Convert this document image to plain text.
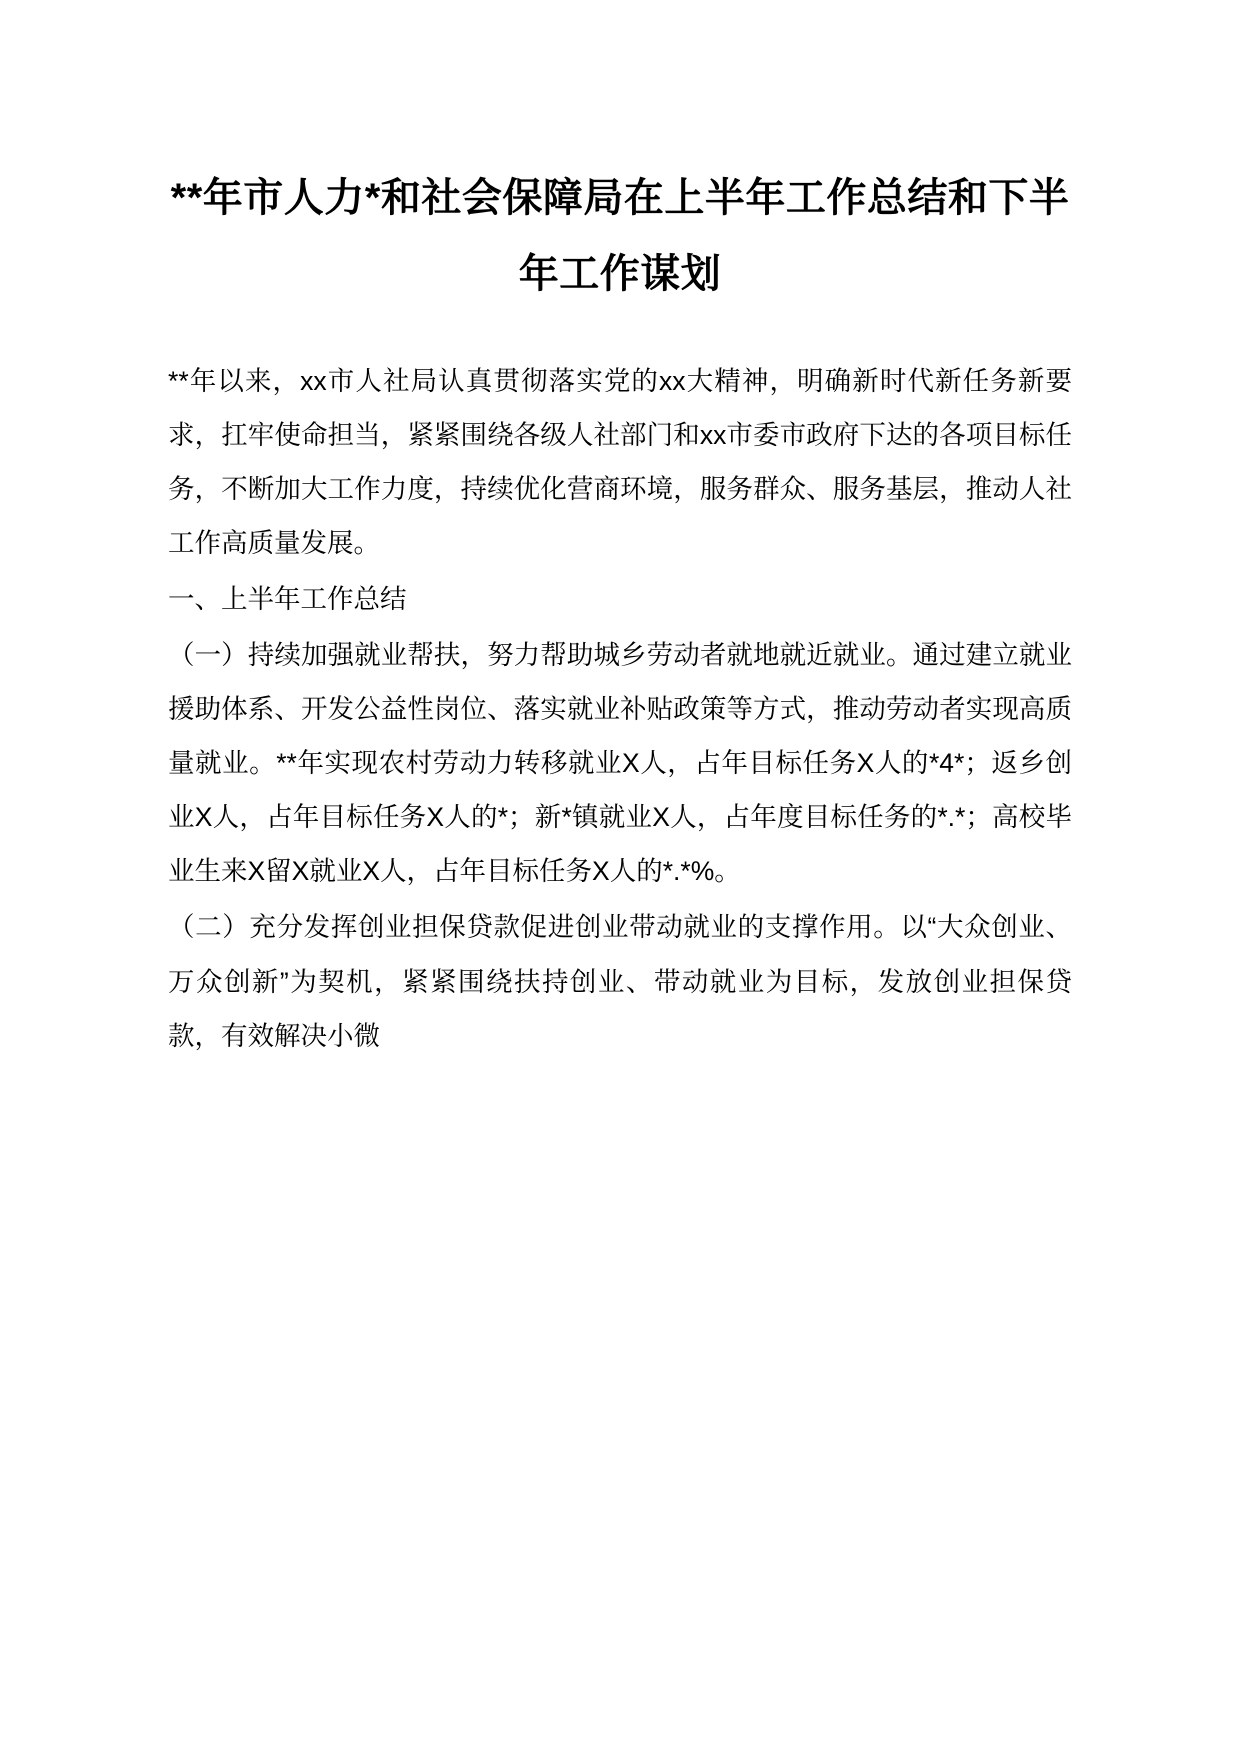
**年市人力*和社会保障局在上半年工作总结和下半年工作谋划

**年以来，xx市人社局认真贯彻落实党的xx大精神，明确新时代新任务新要求，扛牢使命担当，紧紧围绕各级人社部门和xx市委市政府下达的各项目标任务，不断加大工作力度，持续优化营商环境，服务群众、服务基层，推动人社工作高质量发展。

一、上半年工作总结

（一）持续加强就业帮扶，努力帮助城乡劳动者就地就近就业。通过建立就业援助体系、开发公益性岗位、落实就业补贴政策等方式，推动劳动者实现高质量就业。**年实现农村劳动力转移就业X人，占年目标任务X人的*4*；返乡创业X人，占年目标任务X人的*；新*镇就业X人，占年度目标任务的*.*；高校毕业生来X留X就业X人，占年目标任务X人的*.*%。

（二）充分发挥创业担保贷款促进创业带动就业的支撑作用。以“大众创业、万众创新”为契机，紧紧围绕扶持创业、带动就业为目标，发放创业担保贷款，有效解决小微
